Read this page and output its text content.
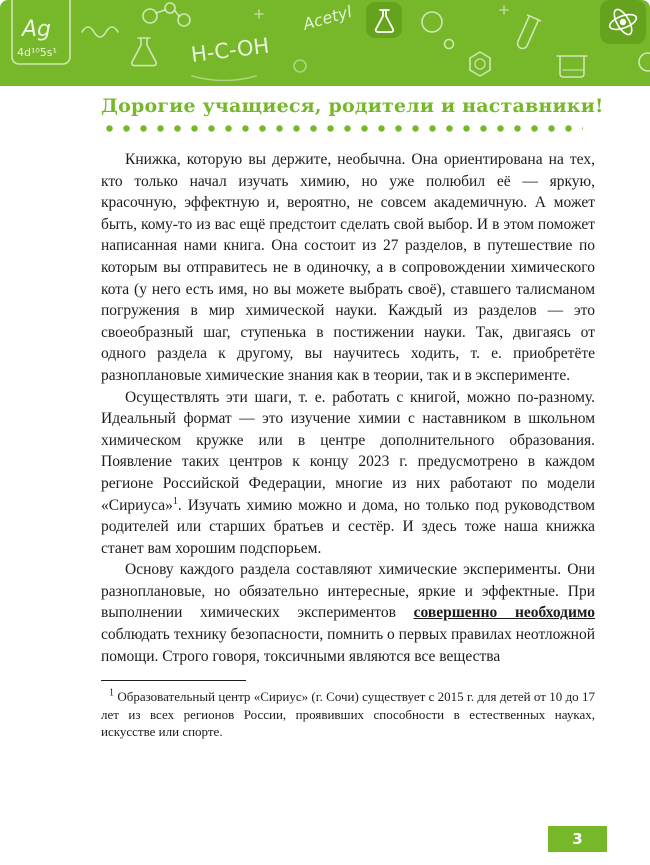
Ag
4d¹⁰5s¹	H-C-OH
Acetyl
Дорогие учащиеся, родители и наставники!

Книжка, которую вы держите, необычна. Она ориентирована на тех, кто только начал изучать химию, но уже полюбил её — яркую, красочную, эффектную и, вероятно, не совсем академичную. А может быть, кому-то из вас ещё предстоит сделать свой выбор. И в этом поможет написанная нами книга. Она состоит из 27 разделов, в путешествие по которым вы отправитесь не в одиночку, а в сопровождении химического кота (у него есть имя, но вы можете выбрать своё), ставшего талисманом погружения в мир химической науки. Каждый из разделов — это своеобразный шаг, ступенька в постижении науки. Так, двигаясь от одного раздела к другому, вы научитесь ходить, т. е. приобретёте разноплановые химические знания как в теории, так и в эксперименте.

Осуществлять эти шаги, т. е. работать с книгой, можно по-разному. Идеальный формат — это изучение химии с наставником в школьном химическом кружке или в центре дополнительного образования. Появление таких центров к концу 2023 г. предусмотрено в каждом регионе Российской Федерации, многие из них работают по модели «Сириуса»$^1$. Изучать химию можно и дома, но только под руководством родителей или старших братьев и сестёр. И здесь тоже наша книжка станет вам хорошим подспорьем.

Основу каждого раздела составляют химические эксперименты. Они разноплановые, но обязательно интересные, яркие и эффектные. При выполнении химических экспериментов совершенно необходимо соблюдать технику безопасности, помнить о первых правилах неотложной помощи. Строго говоря, токсичными являются все вещества

$^1$ Образовательный центр «Сириус» (г. Сочи) существует с 2015 г. для детей от 10 до 17 лет из всех регионов России, проявивших способности в естественных науках, искусстве или спорте.

3
